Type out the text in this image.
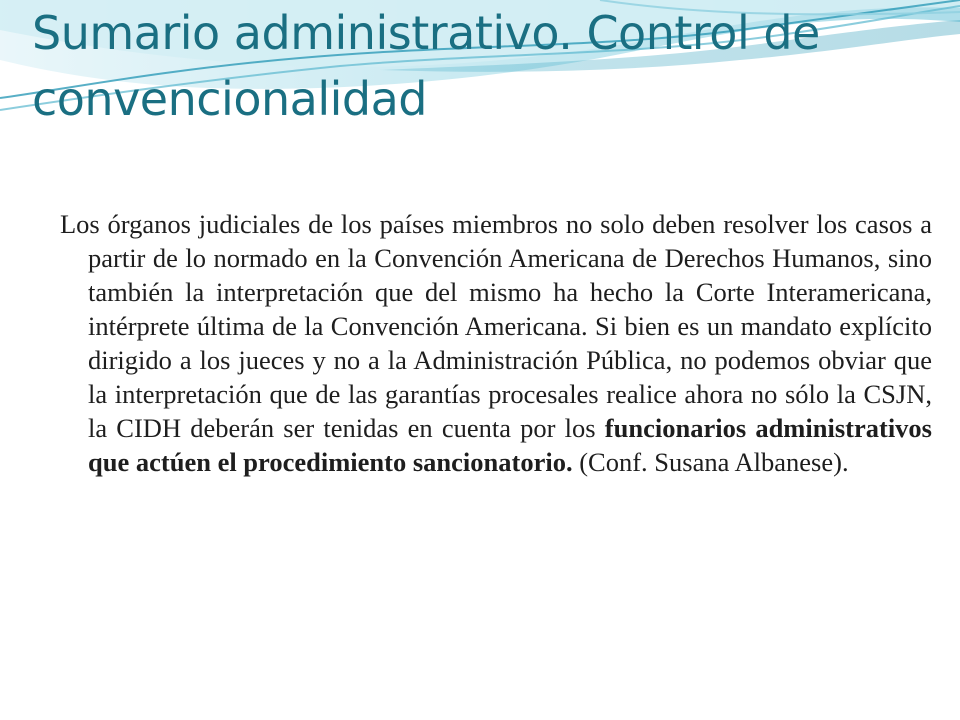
Sumario administrativo. Control de convencionalidad

Los órganos judiciales de los países miembros no solo deben resolver los casos a partir de lo normado en la Convención Americana de Derechos Humanos, sino también la interpretación que del mismo ha hecho la Corte Interamericana, intérprete última de la Convención Americana. Si bien es un mandato explícito dirigido a los jueces y no a la Administración Pública, no podemos obviar que la interpretación que de las garantías procesales realice ahora no sólo la CSJN, la CIDH deberán ser tenidas en cuenta por los funcionarios administrativos que actúen el procedimiento sancionatorio. (Conf. Susana Albanese).
